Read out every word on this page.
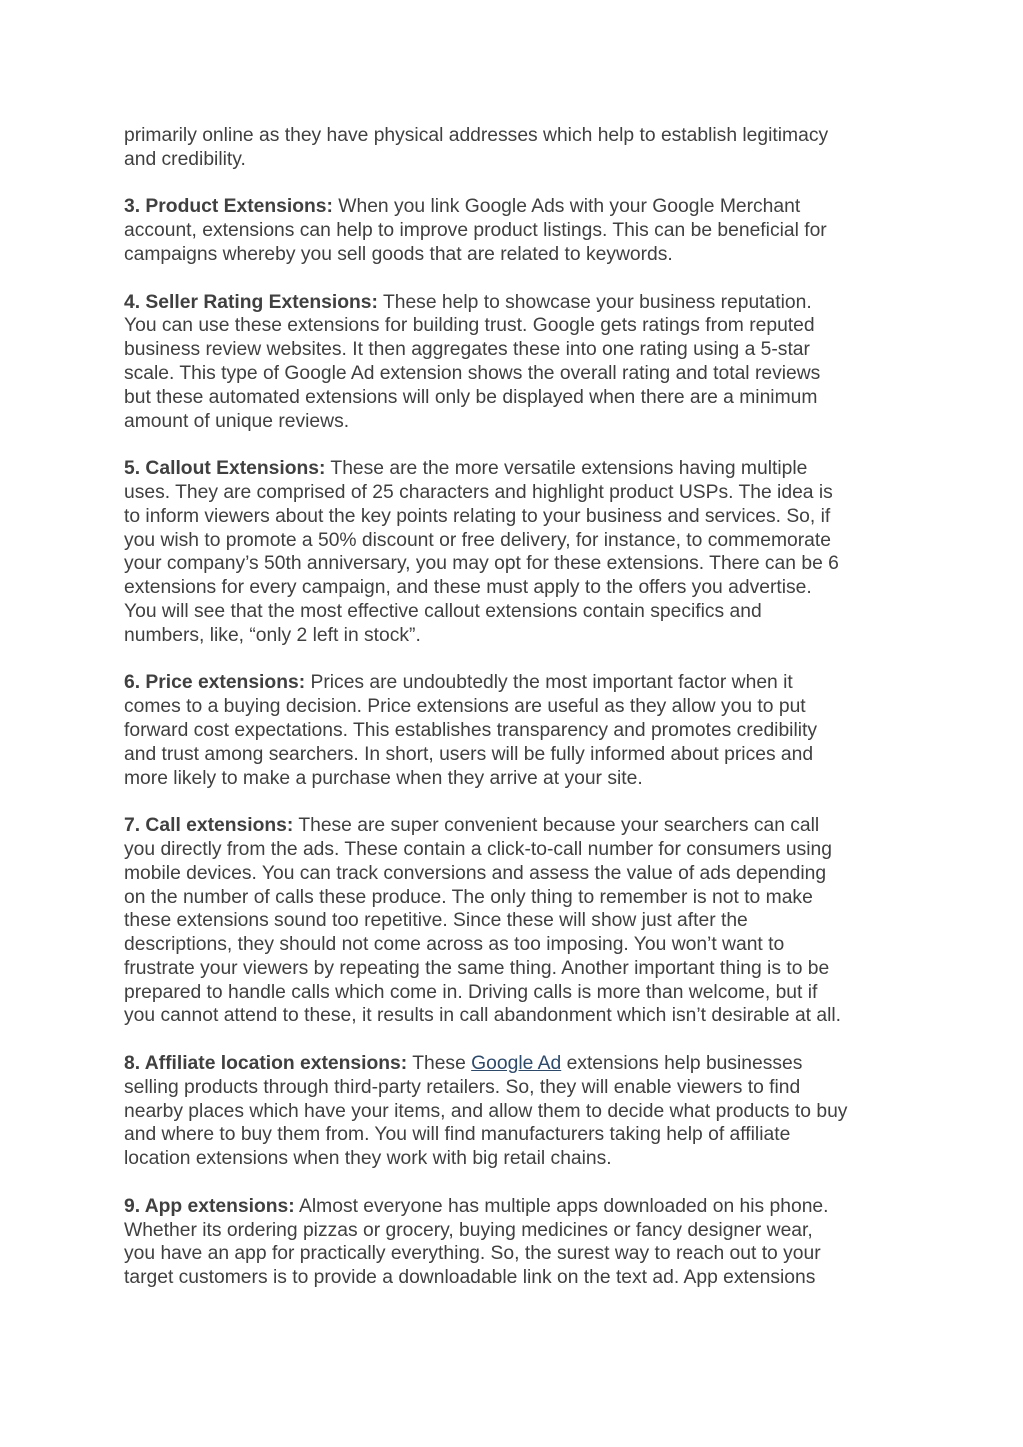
primarily online as they have physical addresses which help to establish legitimacy
and credibility.

3. Product Extensions: When you link Google Ads with your Google Merchant
account, extensions can help to improve product listings. This can be beneficial for
campaigns whereby you sell goods that are related to keywords.

4. Seller Rating Extensions: These help to showcase your business reputation.
You can use these extensions for building trust. Google gets ratings from reputed
business review websites. It then aggregates these into one rating using a 5-star
scale. This type of Google Ad extension shows the overall rating and total reviews
but these automated extensions will only be displayed when there are a minimum
amount of unique reviews.

5. Callout Extensions: These are the more versatile extensions having multiple
uses. They are comprised of 25 characters and highlight product USPs. The idea is
to inform viewers about the key points relating to your business and services. So, if
you wish to promote a 50% discount or free delivery, for instance, to commemorate
your company’s 50th anniversary, you may opt for these extensions. There can be 6
extensions for every campaign, and these must apply to the offers you advertise.
You will see that the most effective callout extensions contain specifics and
numbers, like, “only 2 left in stock”.

6. Price extensions: Prices are undoubtedly the most important factor when it
comes to a buying decision. Price extensions are useful as they allow you to put
forward cost expectations. This establishes transparency and promotes credibility
and trust among searchers. In short, users will be fully informed about prices and
more likely to make a purchase when they arrive at your site.

7. Call extensions: These are super convenient because your searchers can call
you directly from the ads. These contain a click-to-call number for consumers using
mobile devices. You can track conversions and assess the value of ads depending
on the number of calls these produce. The only thing to remember is not to make
these extensions sound too repetitive. Since these will show just after the
descriptions, they should not come across as too imposing. You won’t want to
frustrate your viewers by repeating the same thing. Another important thing is to be
prepared to handle calls which come in. Driving calls is more than welcome, but if
you cannot attend to these, it results in call abandonment which isn’t desirable at all.

8. Affiliate location extensions: These Google Ad extensions help businesses
selling products through third-party retailers. So, they will enable viewers to find
nearby places which have your items, and allow them to decide what products to buy
and where to buy them from. You will find manufacturers taking help of affiliate
location extensions when they work with big retail chains.

9. App extensions: Almost everyone has multiple apps downloaded on his phone.
Whether its ordering pizzas or grocery, buying medicines or fancy designer wear,
you have an app for practically everything. So, the surest way to reach out to your
target customers is to provide a downloadable link on the text ad. App extensions
